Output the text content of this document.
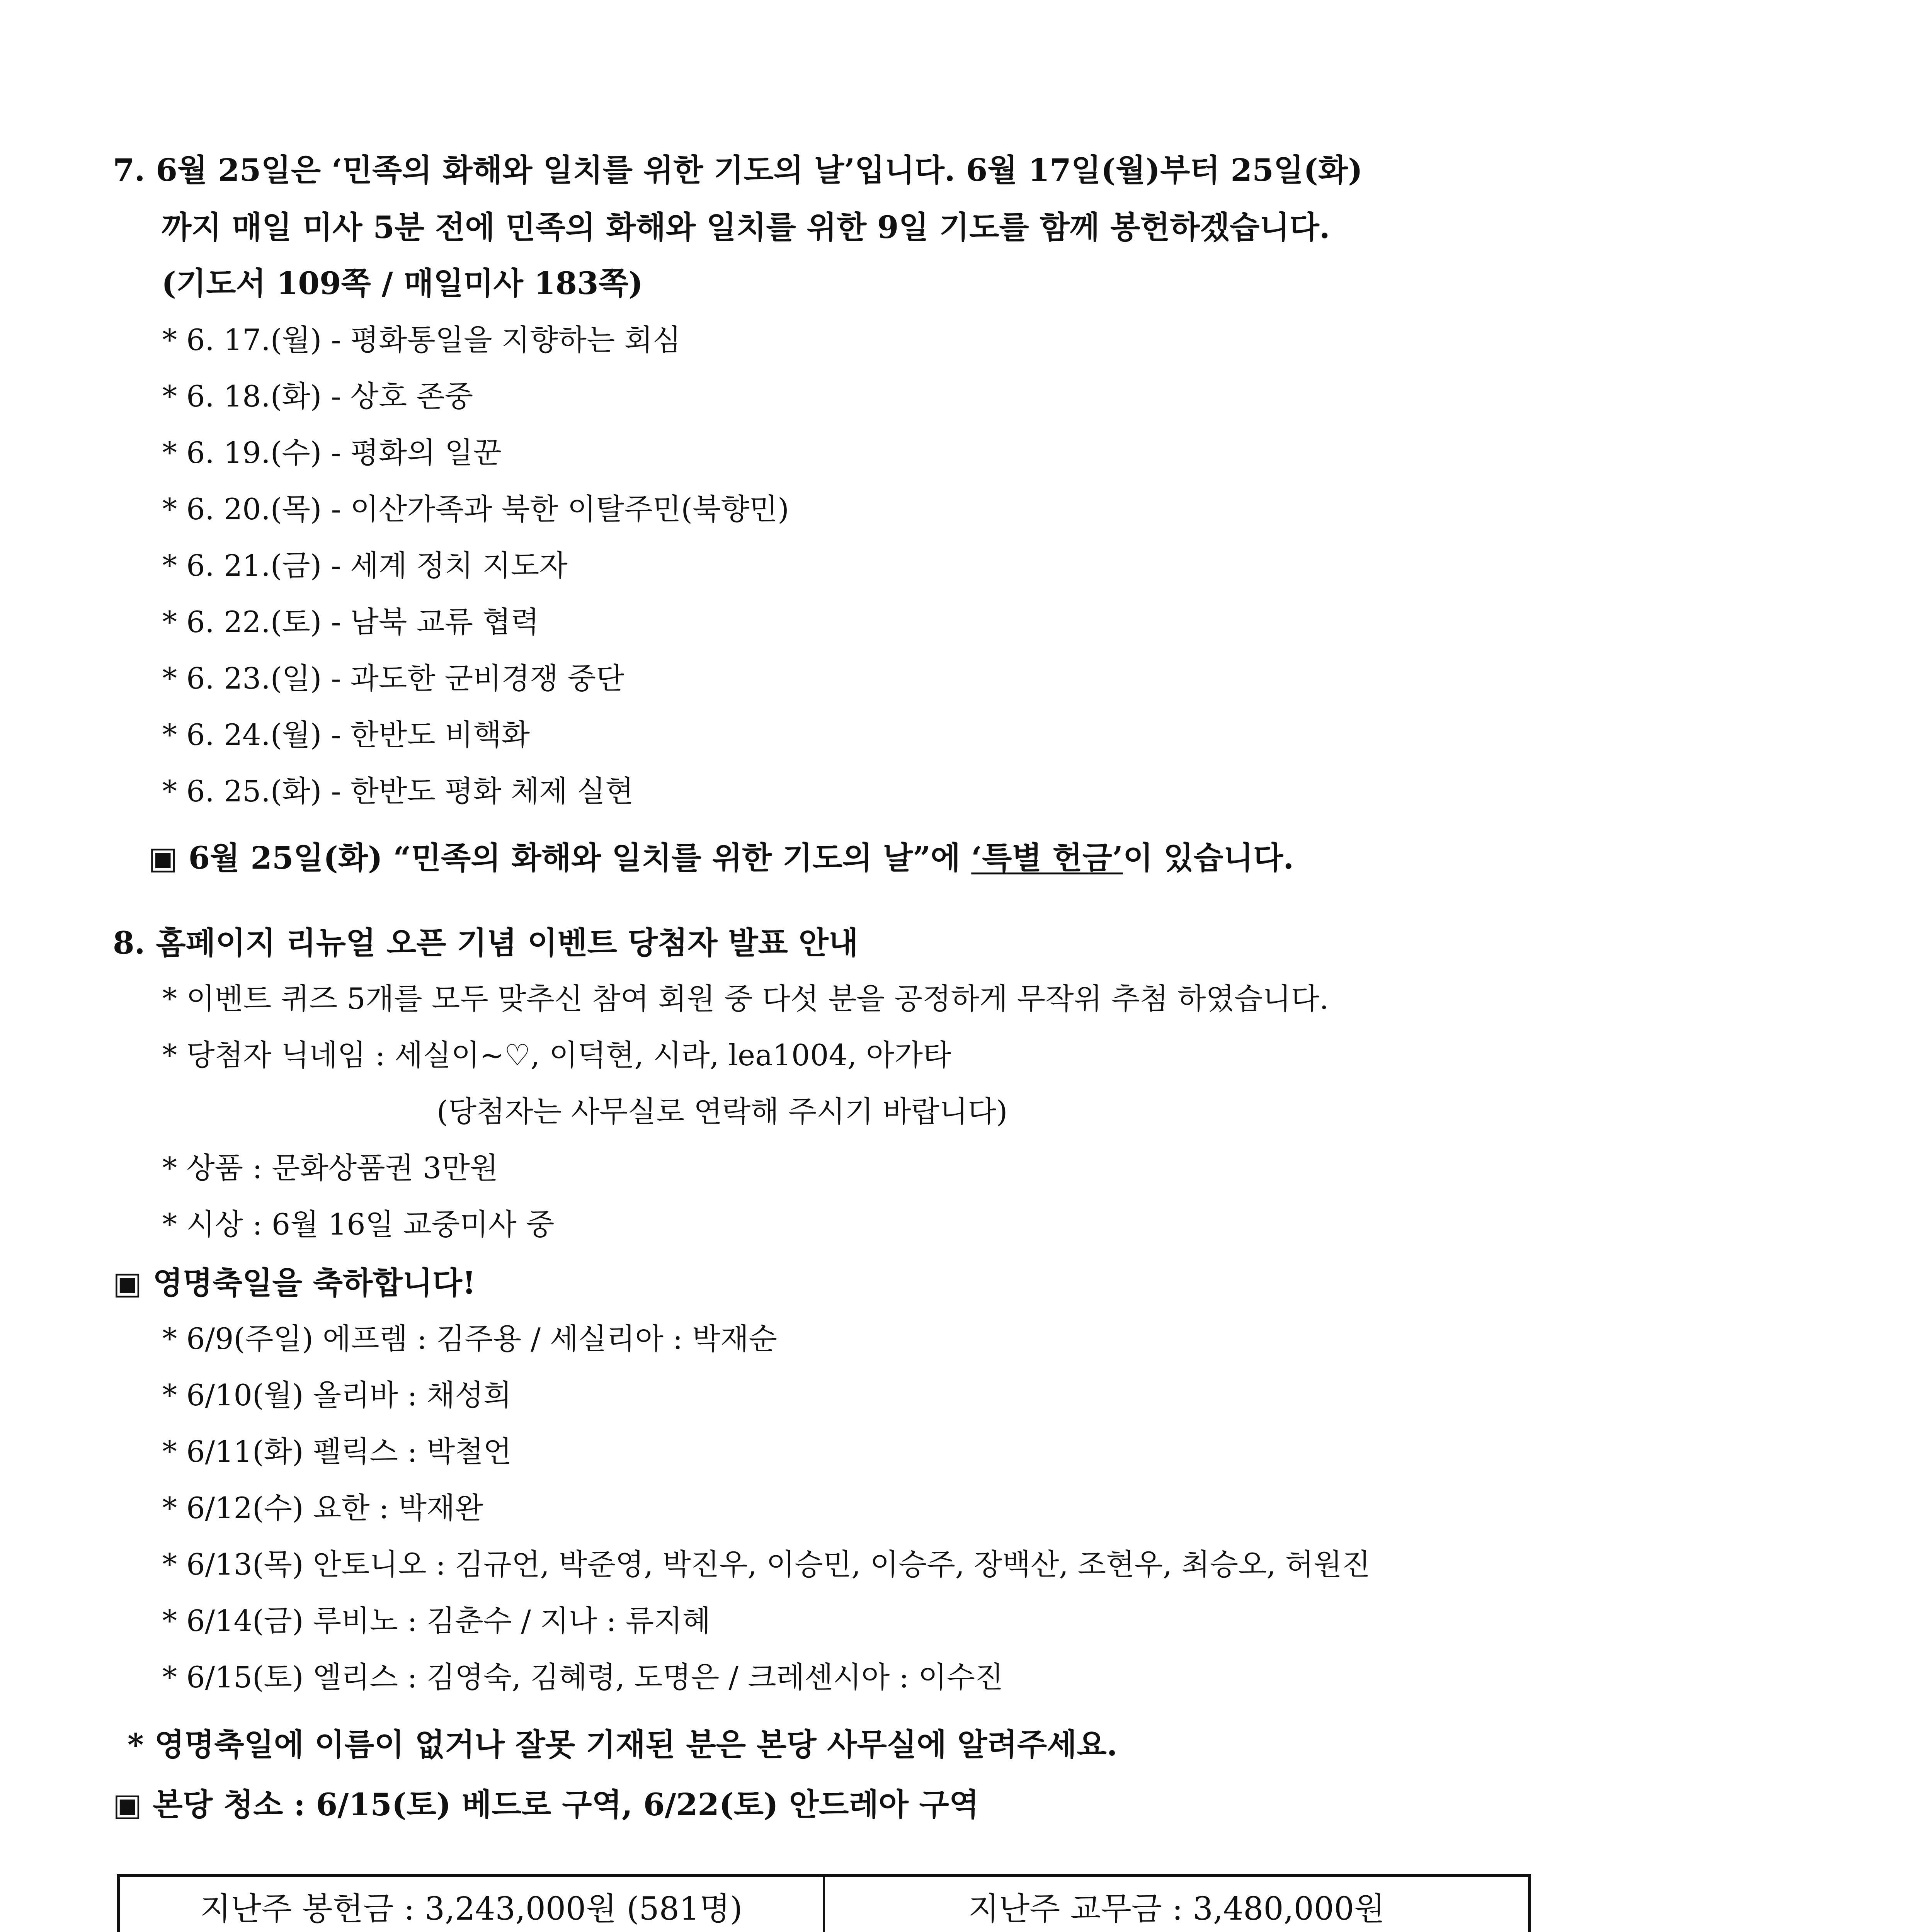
7. 6월 25일은 ‘민족의 화해와 일치를 위한 기도의 날’입니다. 6월 17일(월)부터 25일(화)
까지 매일 미사 5분 전에 민족의 화해와 일치를 위한 9일 기도를 함께 봉헌하겠습니다.
(기도서 109쪽 / 매일미사 183쪽)
* 6. 17.(월) - 평화통일을 지향하는 회심
* 6. 18.(화) - 상호 존중
* 6. 19.(수) - 평화의 일꾼
* 6. 20.(목) - 이산가족과 북한 이탈주민(북향민)
* 6. 21.(금) - 세계 정치 지도자
* 6. 22.(토) - 남북 교류 협력
* 6. 23.(일) - 과도한 군비경쟁 중단
* 6. 24.(월) - 한반도 비핵화
* 6. 25.(화) - 한반도 평화 체제 실현
▣ 6월 25일(화) “민족의 화해와 일치를 위한 기도의 날”에 ‘특별 헌금’이 있습니다.
8. 홈페이지 리뉴얼 오픈 기념 이벤트 당첨자 발표 안내
* 이벤트 퀴즈 5개를 모두 맞추신 참여 회원 중 다섯 분을 공정하게 무작위 추첨 하였습니다.
* 당첨자 닉네임 : 세실이~♡, 이덕현, 시라, lea1004, 아가타
(당첨자는 사무실로 연락해 주시기 바랍니다)
* 상품 : 문화상품권 3만원
* 시상 : 6월 16일 교중미사 중
▣ 영명축일을 축하합니다!
* 6/9(주일) 에프렘 : 김주용 / 세실리아 : 박재순
* 6/10(월) 올리바 : 채성희
* 6/11(화) 펠릭스 : 박철언
* 6/12(수) 요한 : 박재완
* 6/13(목) 안토니오 : 김규언, 박준영, 박진우, 이승민, 이승주, 장백산, 조현우, 최승오, 허원진
* 6/14(금) 루비노 : 김춘수 / 지나 : 류지혜
* 6/15(토) 엘리스 : 김영숙, 김혜령, 도명은 / 크레센시아 : 이수진
* 영명축일에 이름이 없거나 잘못 기재된 분은 본당 사무실에 알려주세요.
▣ 본당 청소 : 6/15(토) 베드로 구역, 6/22(토) 안드레아 구역
지난주 봉헌금 : 3,243,000원 (581명)	지난주 교무금 : 3,480,000원
